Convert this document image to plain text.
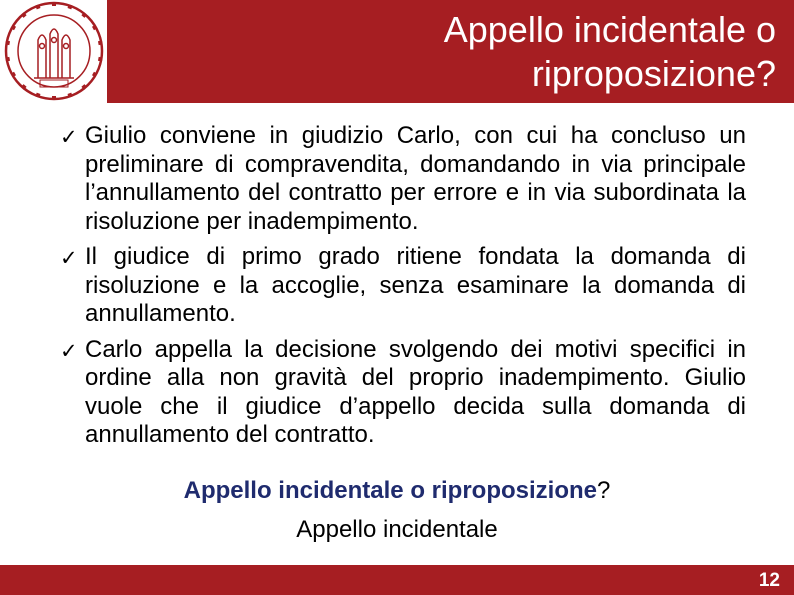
Appello incidentale o
riproposizione?
✓ Giulio conviene in giudizio Carlo, con cui ha concluso un preliminare di compravendita, domandando in via principale l’annullamento del contratto per errore e in via subordinata la risoluzione per inadempimento.
✓ Il giudice di primo grado ritiene fondata la domanda di risoluzione e la accoglie, senza esaminare la domanda di annullamento.
✓ Carlo appella la decisione svolgendo dei motivi specifici in ordine alla non gravità del proprio inadempimento. Giulio vuole che il giudice d’appello decida sulla domanda di annullamento del contratto.
Appello incidentale o riproposizione?
Appello incidentale
12
